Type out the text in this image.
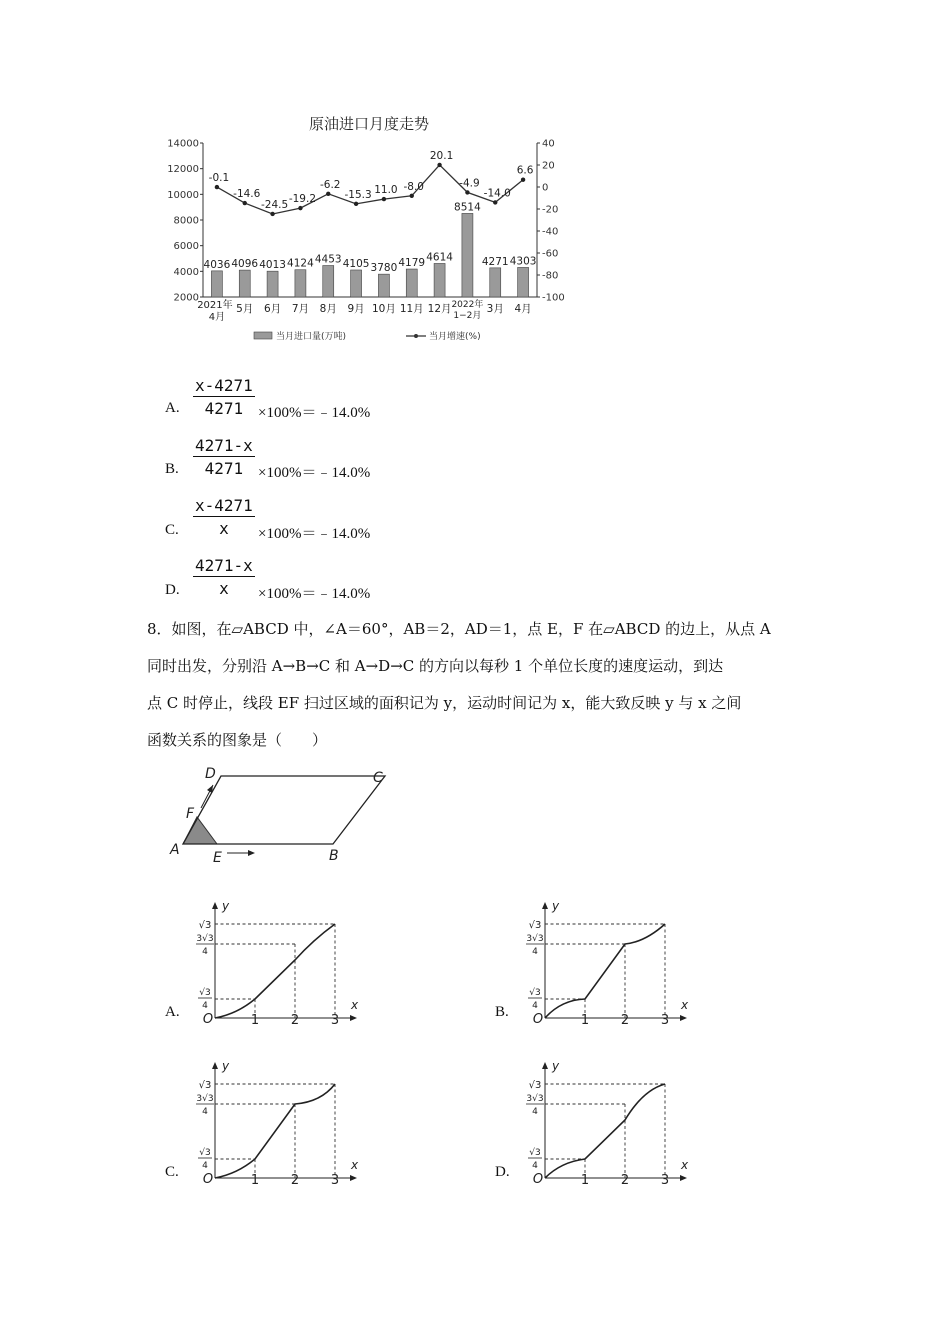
原油进口月度走势
14000
12000
10000
8000
6000
4000
2000
40
20
0
-20
-40
-60
-80
-100
4036 4096 4013 4124 4453 4105 3780 4179 4614
8514
4271 4303
-0.1
-14.6
-24.5 -19.2
-6.2
-15.3 11.0 -8.0
20.1
-4.9
-14.0
6.6
2021年
4月
5月 6月 7月 8月 9月 10月 11月 12月 2022年
1−2月
3月 4月
当月进口量(万吨)	当月增速(%)
A. $\frac{x-4271}{4271}$ ×100%＝﹣14.0%
B. $\frac{4271-x}{4271}$ ×100%＝﹣14.0%
C. $\frac{x-4271}{x}$ ×100%＝﹣14.0%
D. $\frac{4271-x}{x}$ ×100%＝﹣14.0%

8．如图，在▱ABCD 中，∠A＝60°，AB＝2，AD＝1，点 E，F 在▱ABCD 的边上，从点 A

同时出发，分别沿 A→B→C 和 A→D→C 的方向以每秒 1 个单位长度的速度运动，到达

点 C 时停止，线段 EF 扫过区域的面积记为 y，运动时间记为 x，能大致反映 y 与 x 之间

函数关系的图象是（　　）

A	B
C
D
E
F
y
x
O	1 2 3
√3
3√3
4
√3
4
y
x
O	1 2 3
√3
3√3
4
√3
4
y
x
O	1 2 3
√3
3√3
4
√3
4
y
x
O	1 2 3
√3
3√3
4
√3
4
A.	B.
C.	D.
